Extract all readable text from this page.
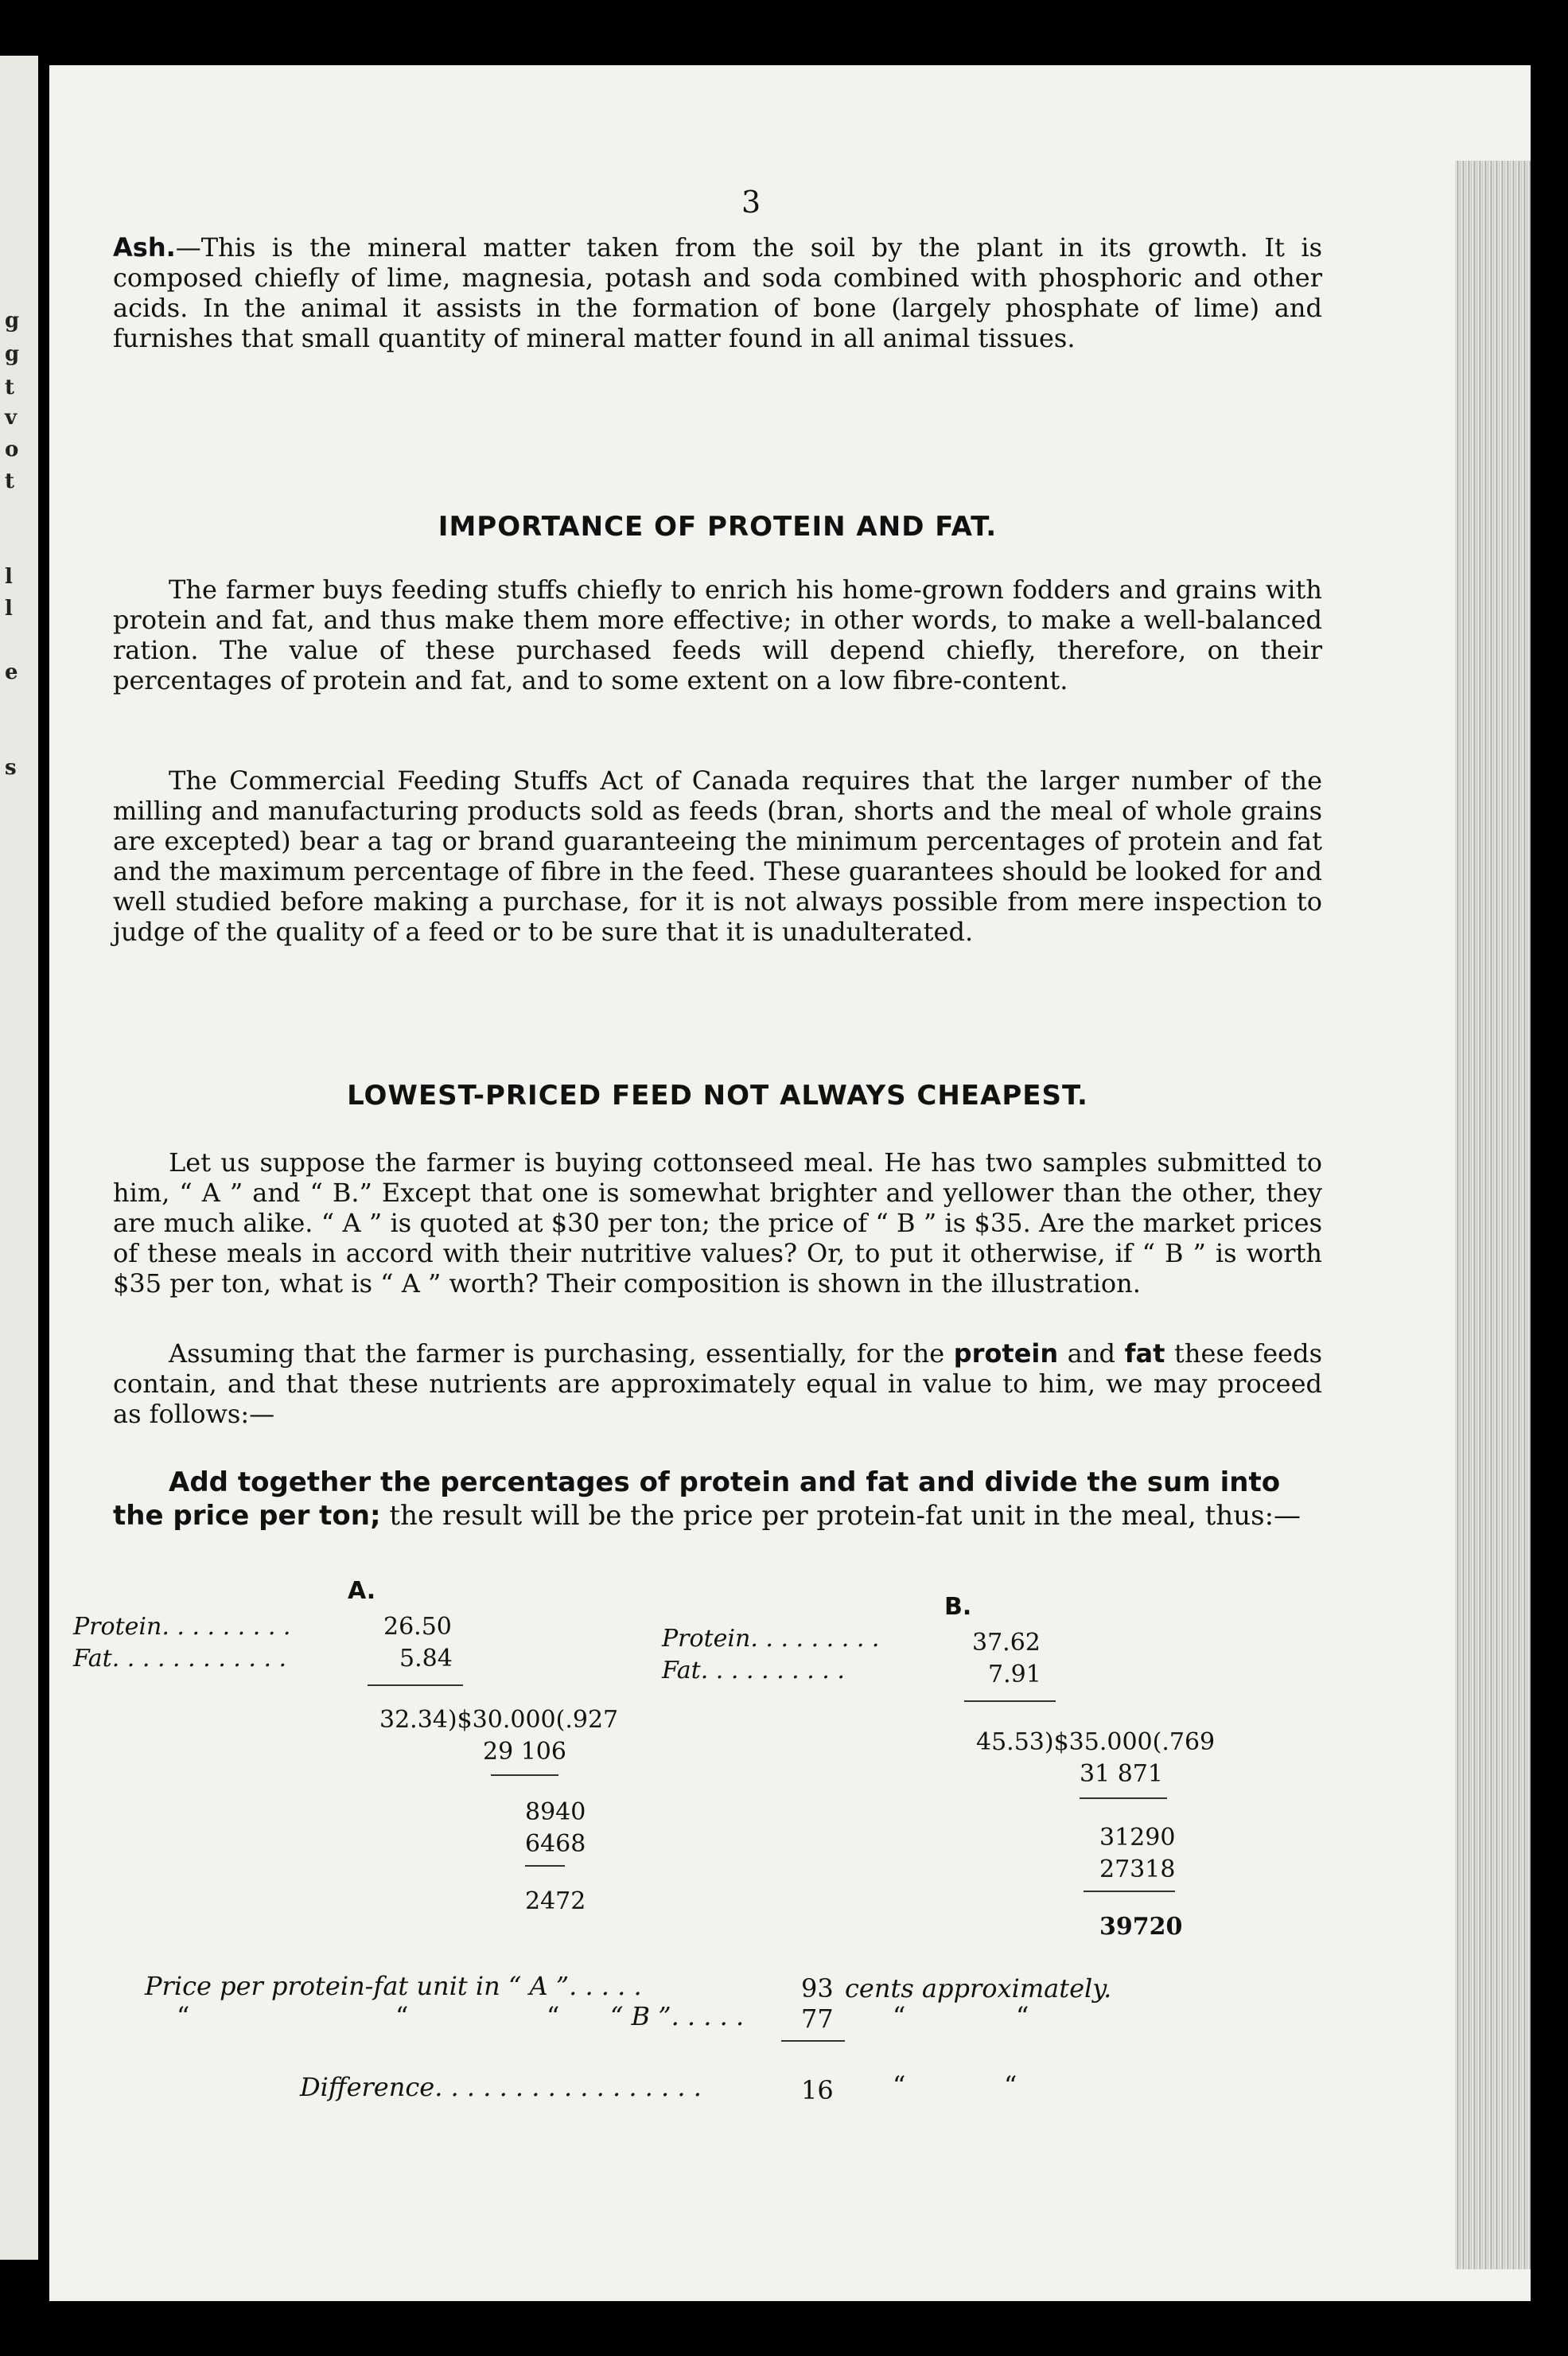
g
g
t
v
o
t
l
l
e
s
3

Ash.—This is the mineral matter taken from the soil by the plant in its growth. It is composed chiefly of lime, magnesia, potash and soda combined with phosphoric and other acids. In the animal it assists in the formation of bone (largely phosphate of lime) and furnishes that small quantity of mineral matter found in all animal tissues.

IMPORTANCE OF PROTEIN AND FAT.

The farmer buys feeding stuffs chiefly to enrich his home-grown fodders and grains with protein and fat, and thus make them more effective; in other words, to make a well-balanced ration. The value of these purchased feeds will depend chiefly, therefore, on their percentages of protein and fat, and to some extent on a low fibre-content.

The Commercial Feeding Stuffs Act of Canada requires that the larger number of the milling and manufacturing products sold as feeds (bran, shorts and the meal of whole grains are excepted) bear a tag or brand guaranteeing the minimum percentages of protein and fat and the maximum percentage of fibre in the feed. These guarantees should be looked for and well studied before making a purchase, for it is not always possible from mere inspection to judge of the quality of a feed or to be sure that it is unadulterated.

LOWEST-PRICED FEED NOT ALWAYS CHEAPEST.

Let us suppose the farmer is buying cottonseed meal. He has two samples submitted to him, “ A ” and “ B.” Except that one is somewhat brighter and yellower than the other, they are much alike. “ A ” is quoted at $30 per ton; the price of “ B ” is $35. Are the market prices of these meals in accord with their nutritive values? Or, to put it otherwise, if “ B ” is worth $35 per ton, what is “ A ” worth? Their composition is shown in the illustration.

Assuming that the farmer is purchasing, essentially, for the protein and fat these feeds contain, and that these nutrients are approximately equal in value to him, we may proceed as follows:—

Add together the percentages of protein and fat and divide the sum into the price per ton; the result will be the price per protein-fat unit in the meal, thus:—
A.
Protein. . . . . . . . .	26.50
Fat. . . . . . . . . . . .	5.84
32.34)$30.000(.927
29 106
8940
6468
2472
B.
Protein. . . . . . . . .	37.62
Fat. . . . . . . . . .	7.91
45.53)$35.000(.769
31 871
31290
27318
39720
Price per protein-fat unit in “ A ”. . . . .	93 cents approximately.
“	“	“ “ B ”. . . . . 77 “	“
Difference. . . . . . . . . . . . . . . . .	16 “	“
